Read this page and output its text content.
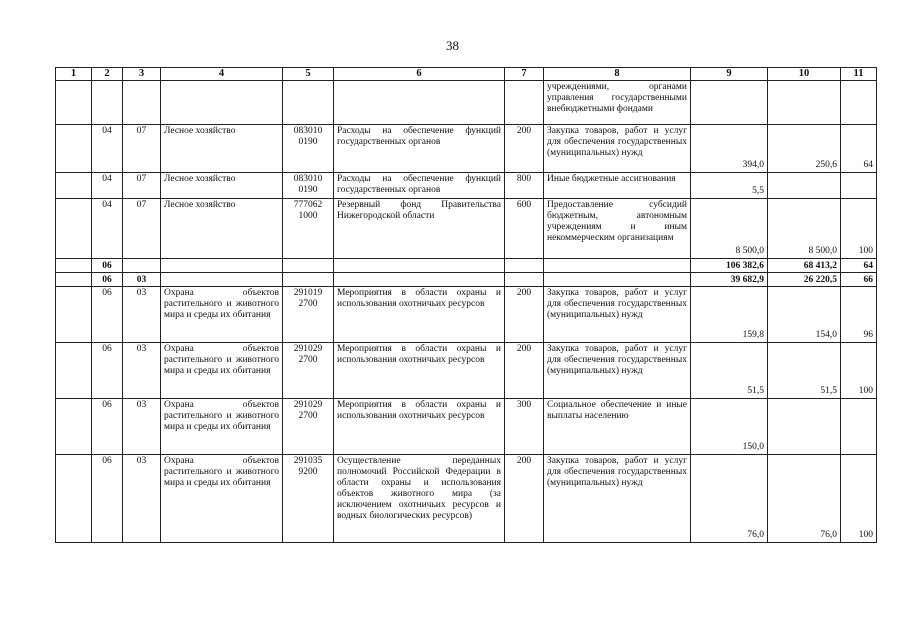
38
1	2	3	4	5	6	7	8	9	10	11
							учреждениями, органами управления государственными внебюджетными фондами			
	04	07	Лесное хозяйство	083010 0190	Расходы на обеспечение функций государственных органов	200	Закупка товаров, работ и услуг для обеспечения государственных (муниципальных) нужд	394,0	250,6	64
	04	07	Лесное хозяйство	083010 0190	Расходы на обеспечение функций государственных органов	800	Иные бюджетные ассигнования	5,5		
	04	07	Лесное хозяйство	777062 1000	Резервный фонд Правительства Нижегородской области	600	Предоставление субсидий бюджетным, автономным учреждениям и иным некоммерческим организациям	8 500,0	8 500,0	100
	06							106 382,6	68 413,2	64
	06	03						39 682,9	26 220,5	66
	06	03	Охрана объектов растительного и животного мира и среды их обитания	291019 2700	Мероприятия в области охраны и использования охотничьих ресурсов	200	Закупка товаров, работ и услуг для обеспечения государственных (муниципальных) нужд	159,8	154,0	96
	06	03	Охрана объектов растительного и животного мира и среды их обитания	291029 2700	Мероприятия в области охраны и использования охотничьих ресурсов	200	Закупка товаров, работ и услуг для обеспечения государственных (муниципальных) нужд	51,5	51,5	100
	06	03	Охрана объектов растительного и животного мира и среды их обитания	291029 2700	Мероприятия в области охраны и использования охотничьих ресурсов	300	Социальное обеспечение и иные выплаты населению	150,0		
	06	03	Охрана объектов растительного и животного мира и среды их обитания	291035 9200	Осуществление переданных полномочий Российской Федерации в области охраны и использования объектов животного мира (за исключением охотничьих ресурсов и водных биологических ресурсов)	200	Закупка товаров, работ и услуг для обеспечения государственных (муниципальных) нужд	76,0	76,0	100
